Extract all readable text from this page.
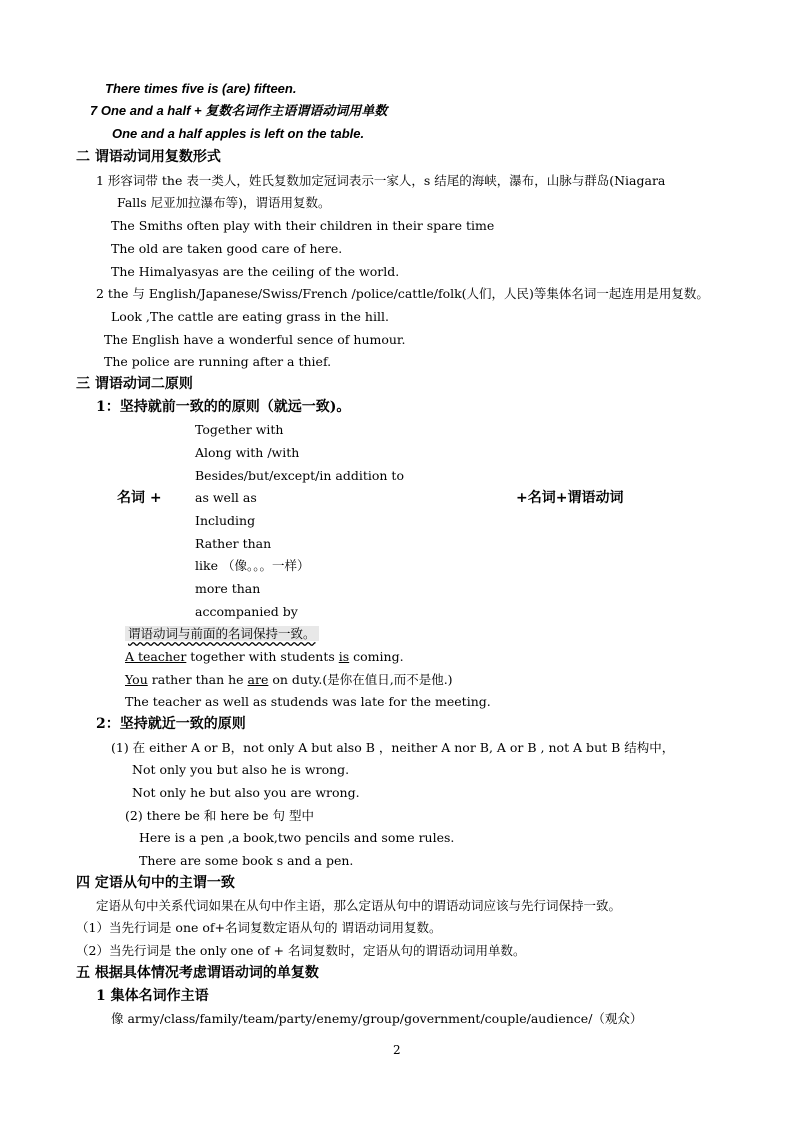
There times five is (are) fifteen.
7 One and a half + 复数名词作主语谓语动词用单数
One and a half apples is left on the table.
二 谓语动词用复数形式
1 形容词带 the 表一类人，姓氏复数加定冠词表示一家人，s 结尾的海峡，瀑布，山脉与群岛(Niagara
Falls 尼亚加拉瀑布等)，谓语用复数。
The Smiths often play with their children in their spare time
The old are taken good care of here.
The Himalyasyas are the ceiling of the world.
2 the 与 English/Japanese/Swiss/French /police/cattle/folk(人们，人民)等集体名词一起连用是用复数。
Look ,The cattle are eating grass in the hill.
The English have a wonderful sence of humour.
The police are running after a thief.
三 谓语动词二原则
1：坚持就前一致的的原则（就远一致)。
Together with
Along with /with
Besides/but/except/in addition to
名词 +	as well as	+名词+谓语动词
Including
Rather than
like （像。。。一样）
more than
accompanied by
谓语动词与前面的名词保持一致。
A teacher together with students is coming.
You rather than he are on duty.(是你在值日,而不是他.)
The teacher as well as studends was late for the meeting.
2：坚持就近一致的原则
(1) 在 either A or B，not only A but also B ，neither A nor B, A or B , not A but B 结构中，
Not only you but also he is wrong.
Not only he but also you are wrong.
(2) there be 和 here be 句 型中
Here is a pen ,a book,two pencils and some rules.
There are some book s and a pen.
四 定语从句中的主谓一致
定语从句中关系代词如果在从句中作主语，那么定语从句中的谓语动词应该与先行词保持一致。
（1）当先行词是 one of+名词复数定语从句的 谓语动词用复数。
（2）当先行词是 the only one of + 名词复数时，定语从句的谓语动词用单数。
五 根据具体情况考虑谓语动词的单复数
1 集体名词作主语
像 army/class/family/team/party/enemy/group/government/couple/audience/（观众）
2
